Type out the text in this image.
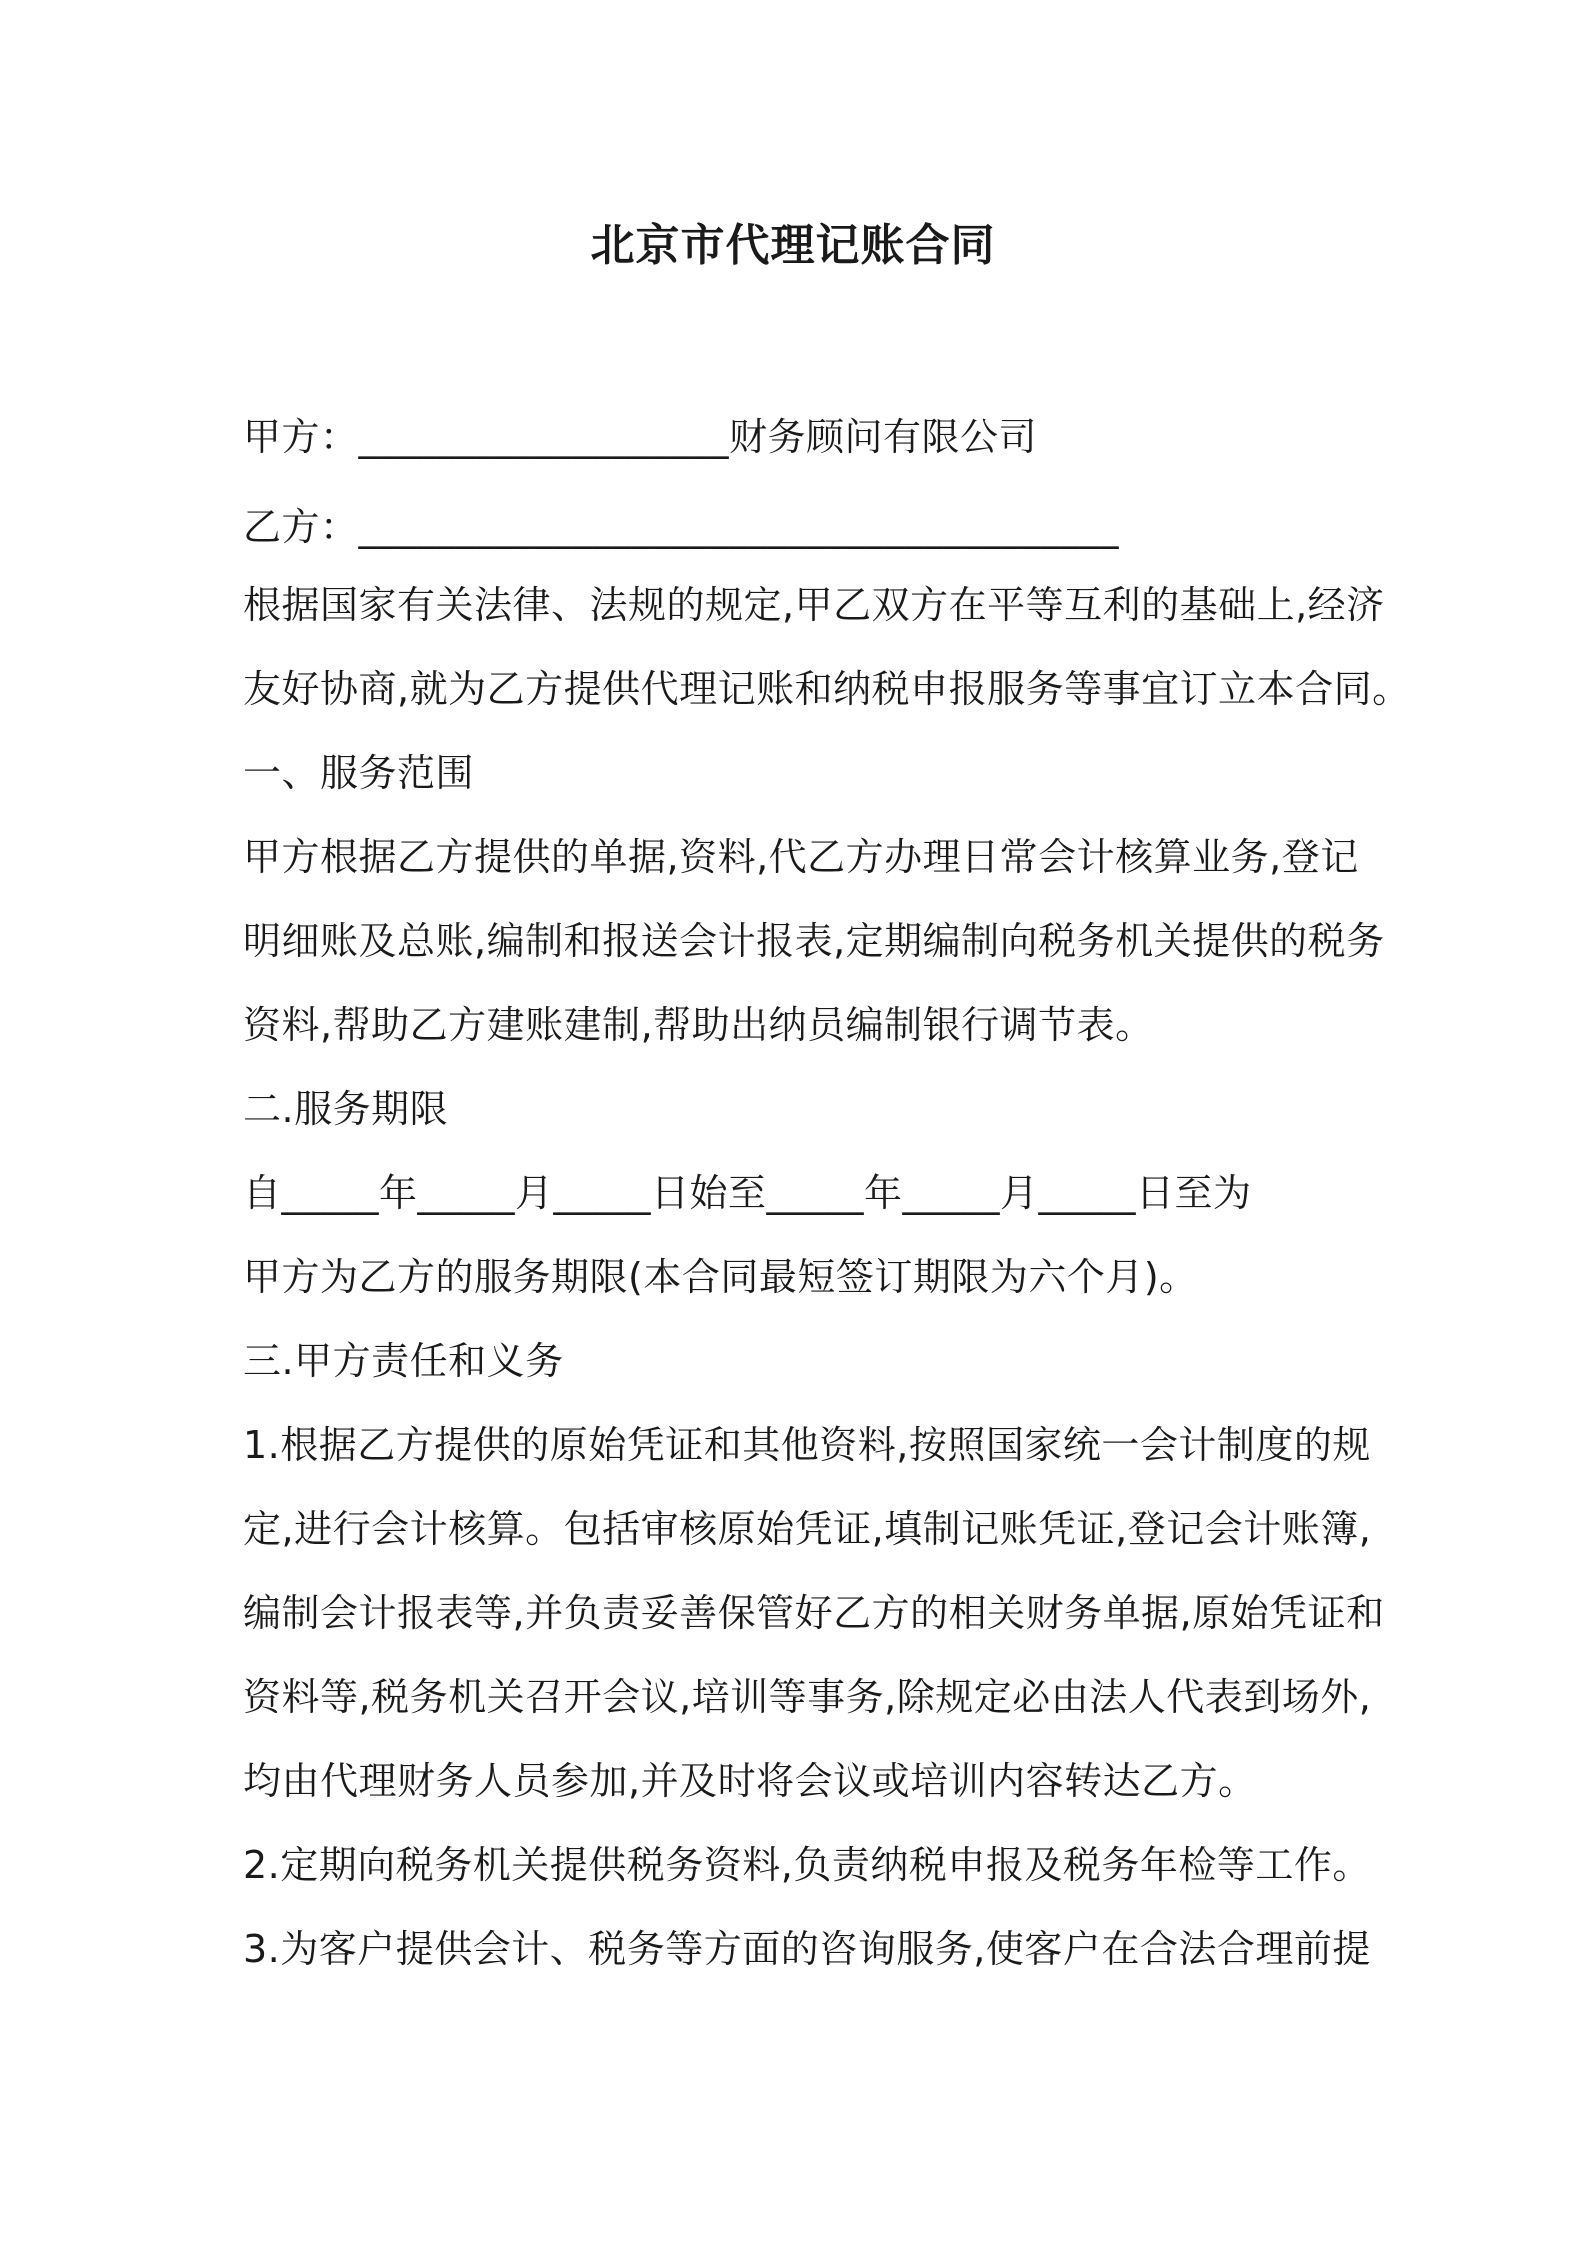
北京市代理记账合同
甲方：___________________财务顾问有限公司
乙方：_______________________________________
根据国家有关法律、法规的规定,甲乙双方在平等互利的基础上,经济
友好协商,就为乙方提供代理记账和纳税申报服务等事宜订立本合同。
一、服务范围
甲方根据乙方提供的单据,资料,代乙方办理日常会计核算业务,登记
明细账及总账,编制和报送会计报表,定期编制向税务机关提供的税务
资料,帮助乙方建账建制,帮助出纳员编制银行调节表。
二.服务期限
自_____年_____月_____日始至_____年_____月_____日至为
甲方为乙方的服务期限(本合同最短签订期限为六个月)。
三.甲方责任和义务
1.根据乙方提供的原始凭证和其他资料,按照国家统一会计制度的规
定,进行会计核算。包括审核原始凭证,填制记账凭证,登记会计账簿,
编制会计报表等,并负责妥善保管好乙方的相关财务单据,原始凭证和
资料等,税务机关召开会议,培训等事务,除规定必由法人代表到场外,
均由代理财务人员参加,并及时将会议或培训内容转达乙方。
2.定期向税务机关提供税务资料,负责纳税申报及税务年检等工作。
3.为客户提供会计、税务等方面的咨询服务,使客户在合法合理前提
